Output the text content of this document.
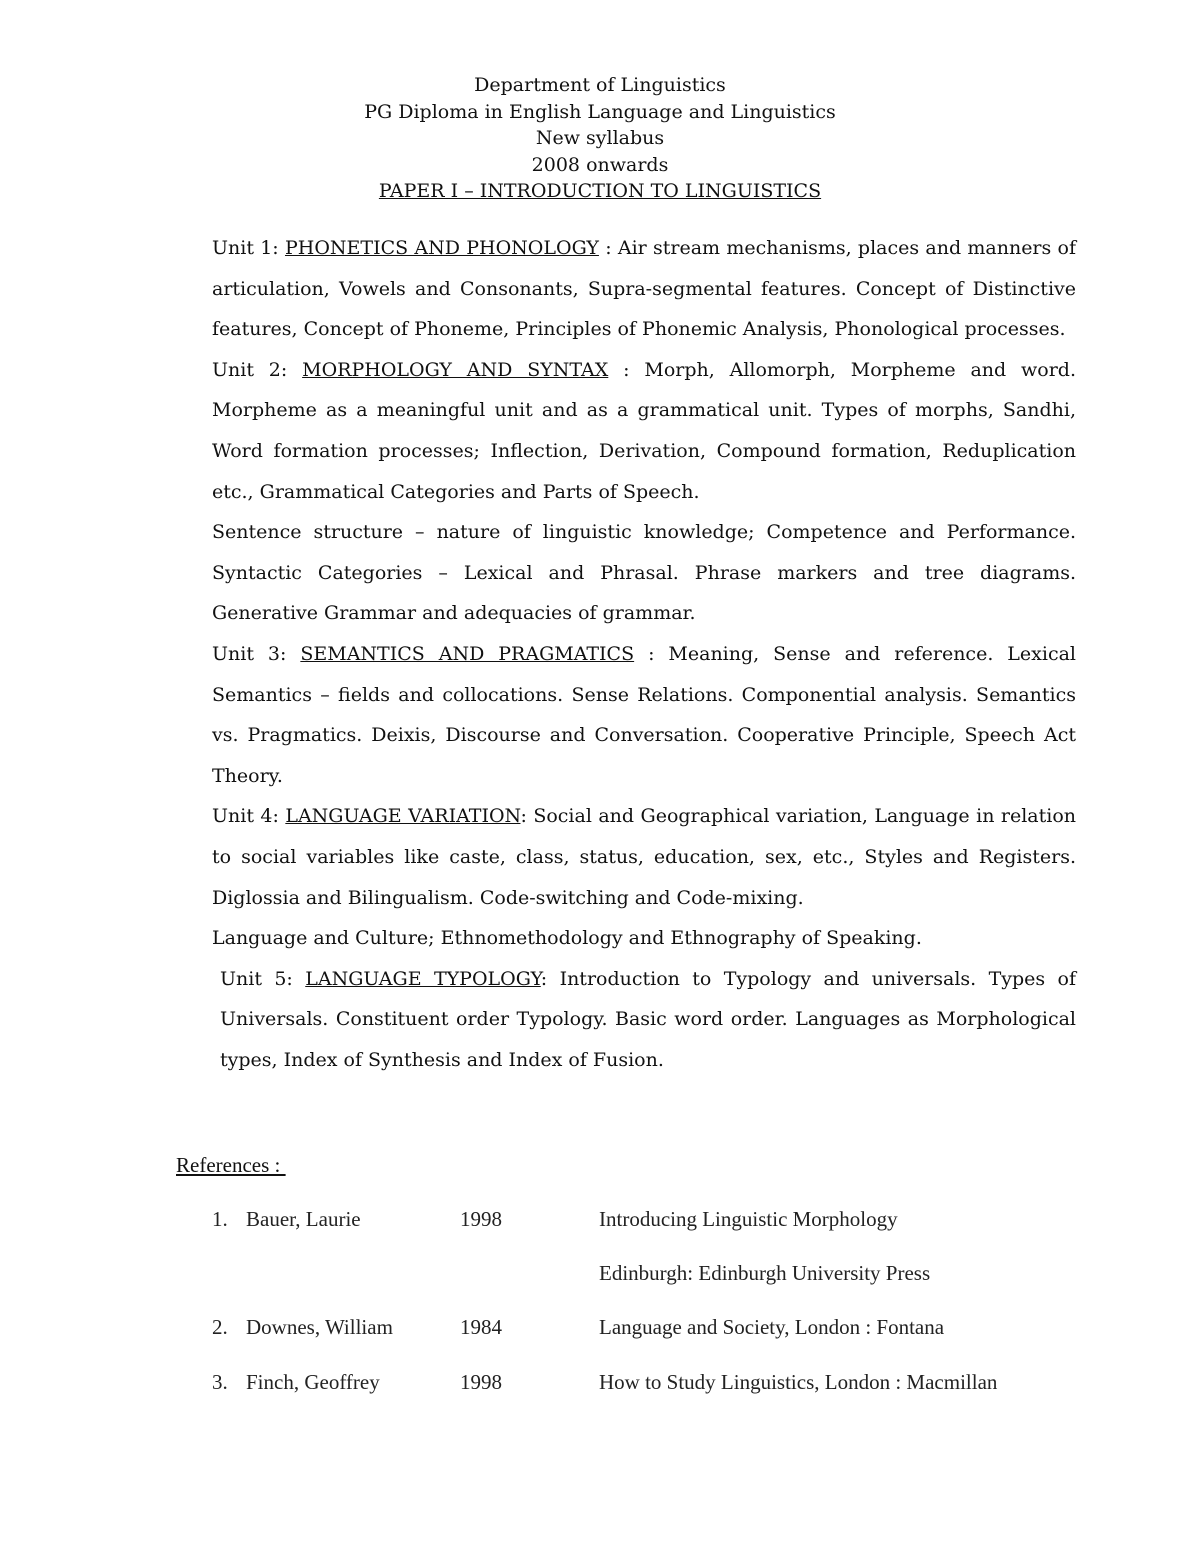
Department of Linguistics
PG Diploma in English Language and Linguistics
New syllabus
2008 onwards
PAPER I – INTRODUCTION TO LINGUISTICS

Unit 1: PHONETICS AND PHONOLOGY : Air stream mechanisms, places and manners of articulation, Vowels and Consonants, Supra-segmental features. Concept of Distinctive features, Concept of Phoneme, Principles of Phonemic Analysis, Phonological processes.

Unit 2: MORPHOLOGY AND SYNTAX : Morph, Allomorph, Morpheme and word. Morpheme as a meaningful unit and as a grammatical unit. Types of morphs, Sandhi, Word formation processes; Inflection, Derivation, Compound formation, Reduplication etc., Grammatical Categories and Parts of Speech.

Sentence structure – nature of linguistic knowledge; Competence and Performance. Syntactic Categories – Lexical and Phrasal. Phrase markers and tree diagrams. Generative Grammar and adequacies of grammar.

Unit 3: SEMANTICS AND PRAGMATICS : Meaning, Sense and reference. Lexical Semantics – fields and collocations. Sense Relations. Componential analysis. Semantics vs. Pragmatics. Deixis, Discourse and Conversation. Cooperative Principle, Speech Act Theory.

Unit 4: LANGUAGE VARIATION: Social and Geographical variation, Language in relation to social variables like caste, class, status, education, sex, etc., Styles and Registers. Diglossia and Bilingualism. Code-switching and Code-mixing.

Language and Culture; Ethnomethodology and Ethnography of Speaking.

Unit 5: LANGUAGE TYPOLOGY: Introduction to Typology and universals. Types of Universals. Constituent order Typology. Basic word order. Languages as Morphological types, Index of Synthesis and Index of Fusion.

References :
1. Bauer, Laurie	1998	Introducing Linguistic Morphology
Edinburgh: Edinburgh University Press
2. Downes, William	1984	Language and Society, London : Fontana
3. Finch, Geoffrey	1998	How to Study Linguistics, London : Macmillan
